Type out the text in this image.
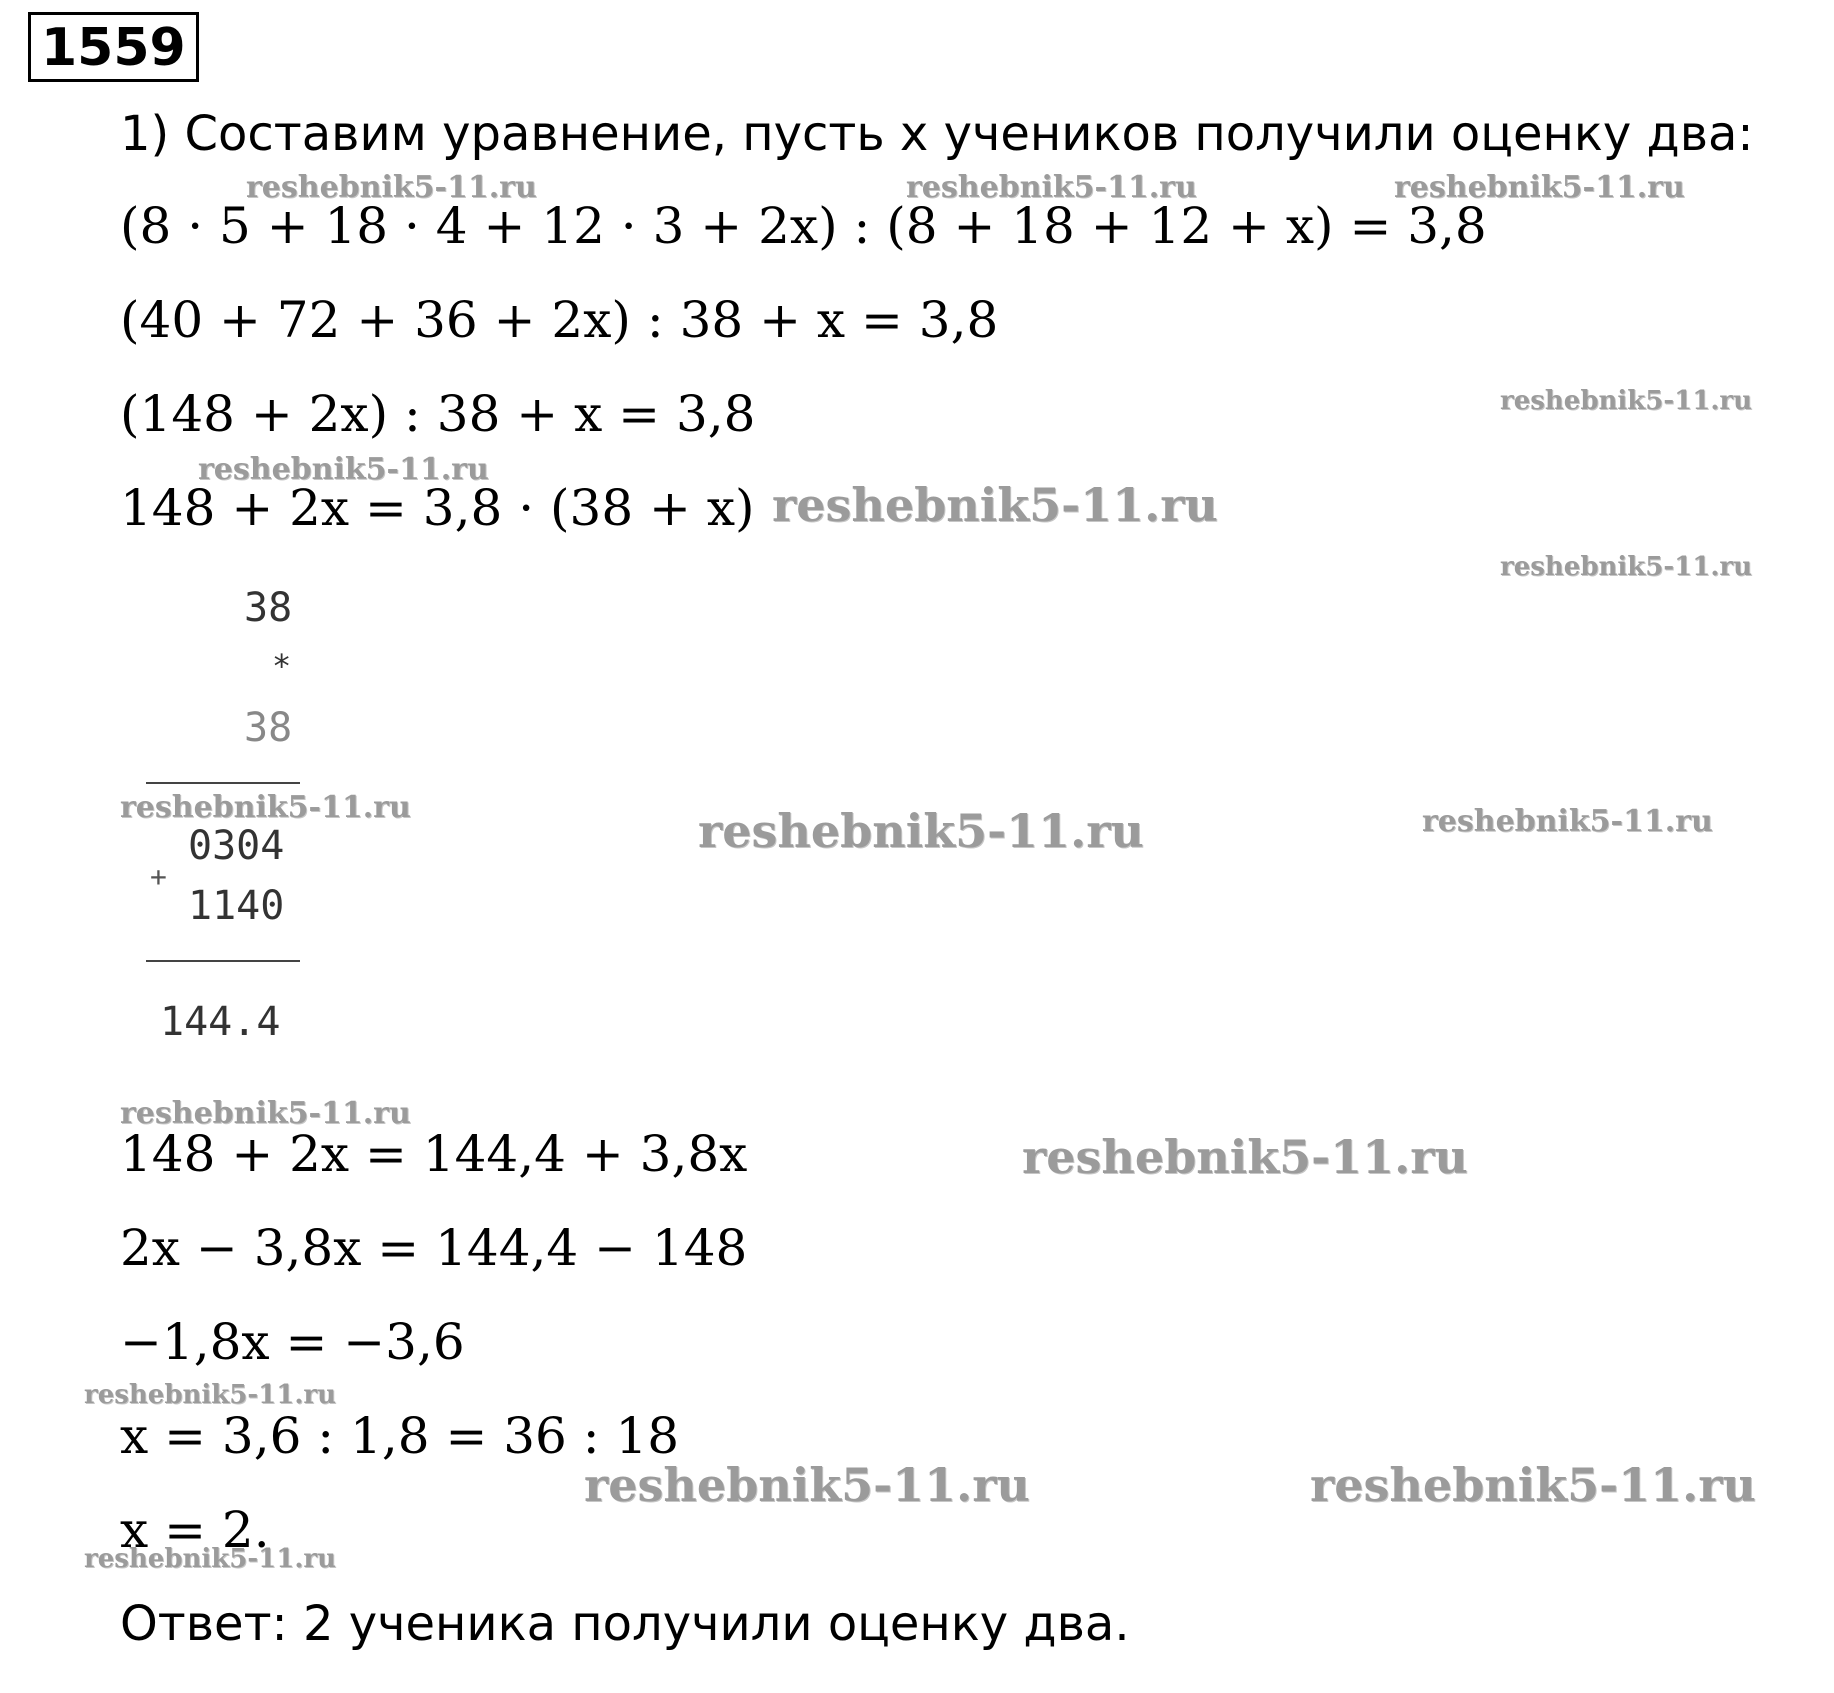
1559
1) Составим уравнение, пусть x учеников получили оценку два:
(8 · 5 + 18 · 4 + 12 · 3 + 2x) : (8 + 18 + 12 + x) = 3,8
(40 + 72 + 36 + 2x) : 38 + x = 3,8
(148 + 2x) : 38 + x = 3,8
148 + 2x = 3,8 · (38 + x)
38
*
38
0304
+
1140
144.4
148 + 2x = 144,4 + 3,8x
2x − 3,8x = 144,4 − 148
−1,8x = −3,6
x = 3,6 : 1,8 = 36 : 18
x = 2.
Ответ: 2 ученика получили оценку два.
reshebnik5-11.ru	reshebnik5-11.ru	reshebnik5-11.ru
reshebnik5-11.ru
reshebnik5-11.ru
reshebnik5-11.ru
reshebnik5-11.ru
reshebnik5-11.ru	reshebnik5-11.ru	reshebnik5-11.ru
reshebnik5-11.ru
reshebnik5-11.ru
reshebnik5-11.ru
reshebnik5-11.ru	reshebnik5-11.ru
reshebnik5-11.ru
